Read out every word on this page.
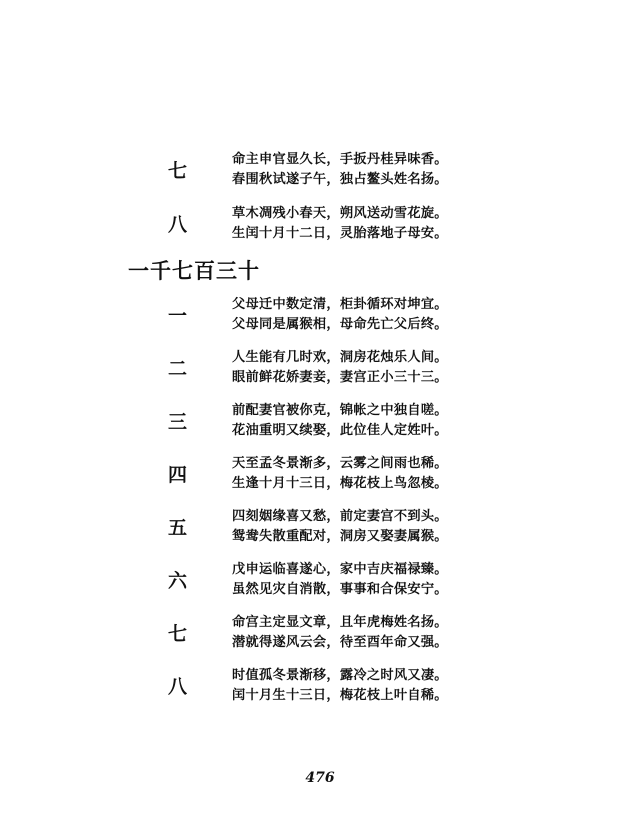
七
命主申官显久长，手扳丹桂异味香。
春围秋试遂子午，独占鳌头姓名扬。
八
草木凋残小春天，朔风送动雪花旋。
生闰十月十二日，灵胎落地子母安。
一千七百三十
一
父母迁中数定清，柜卦循环对坤宜。
父母同是属猴相，母命先亡父后终。
二
人生能有几时欢，洞房花烛乐人间。
眼前鲜花娇妻妾，妻宫正小三十三。
三
前配妻官被你克，锦帐之中独自嗟。
花油重明又续娶，此位佳人定姓叶。
四
天至孟冬景渐多，云雾之间雨也稀。
生逢十月十三日，梅花枝上鸟忽棱。
五
四刻姻缘喜又愁，前定妻宫不到头。
鸳鸯失散重配对，洞房又娶妻属猴。
六
戊申运临喜遂心，家中吉庆福禄臻。
虽然见灾自消散，事事和合保安宁。
七
命宫主定显文章，且年虎梅姓名扬。
潜就得遂风云会，待至酉年命又强。
八
时值孤冬景渐移，露冷之时风又凄。
闰十月生十三日，梅花枝上叶自稀。
476
